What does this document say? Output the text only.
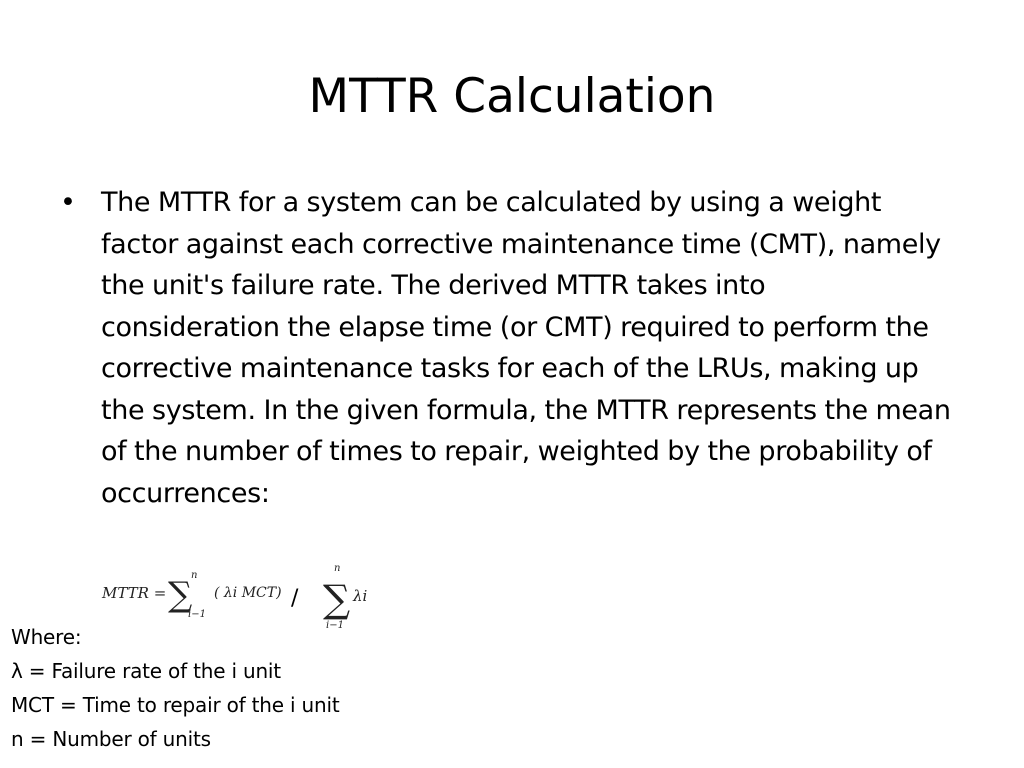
MTTR Calculation
• The MTTR for a system can be calculated by using a weight factor against each corrective maintenance time (CMT), namely the unit's failure rate. The derived MTTR takes into consideration the elapse time (or CMT) required to perform the corrective maintenance tasks for each of the LRUs, making up the system. In the given formula, the MTTR represents the mean of the number of times to repair, weighted by the probability of occurrences:
MTTR = ∑
n
i−1
( λi MCT) /
n
∑
i−1
λi
Where:
λ = Failure rate of the i unit
MCT = Time to repair of the i unit
n = Number of units
